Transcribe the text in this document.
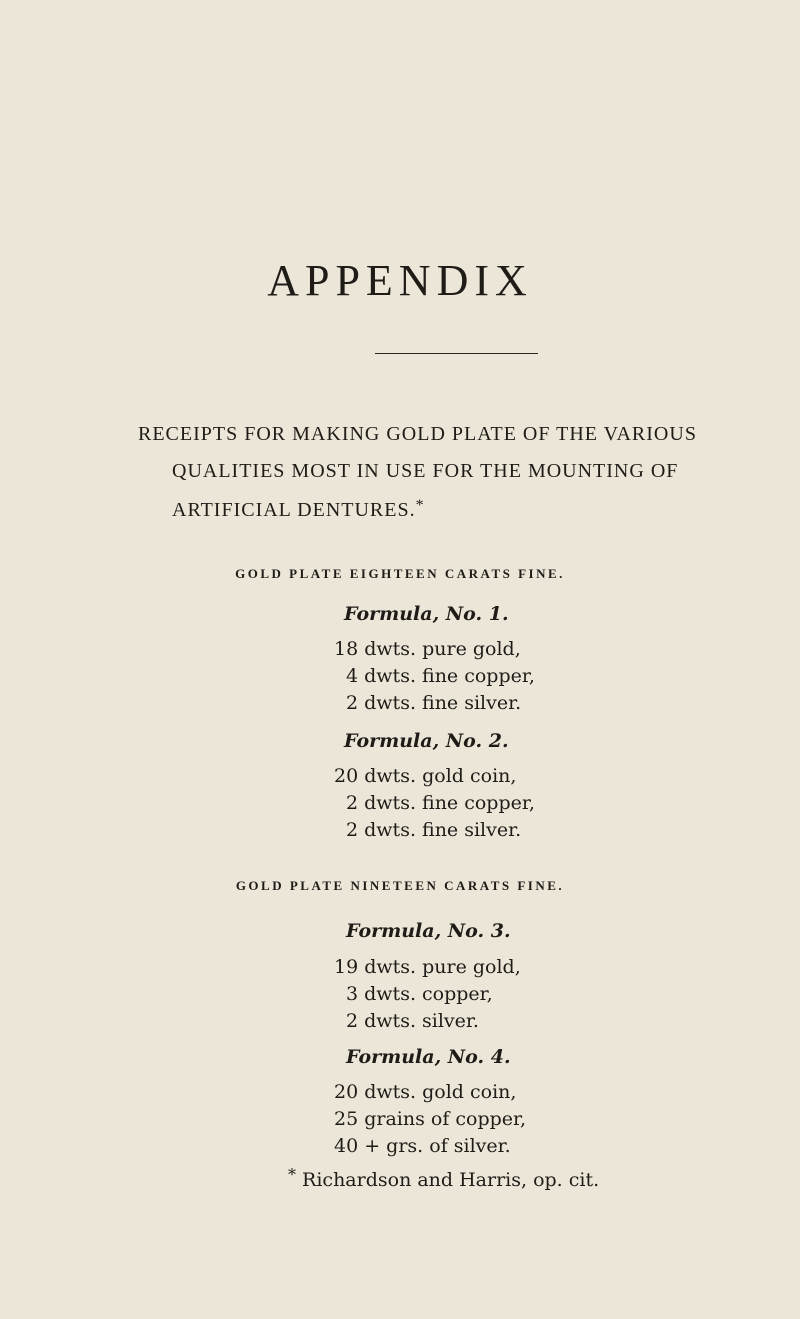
APPENDIX
RECEIPTS FOR MAKING GOLD PLATE OF THE VARIOUS
QUALITIES MOST IN USE FOR THE MOUNTING OF
ARTIFICIAL DENTURES.*
GOLD PLATE EIGHTEEN CARATS FINE.
Formula, No. 1.
18 dwts. pure gold,
4 dwts. fine copper,
2 dwts. fine silver.
Formula, No. 2.
20 dwts. gold coin,
2 dwts. fine copper,
2 dwts. fine silver.
GOLD PLATE NINETEEN CARATS FINE.
Formula, No. 3.
19 dwts. pure gold,
3 dwts. copper,
2 dwts. silver.
Formula, No. 4.
20 dwts. gold coin,
25 grains of copper,
40 + grs. of silver.
* Richardson and Harris, op. cit.
